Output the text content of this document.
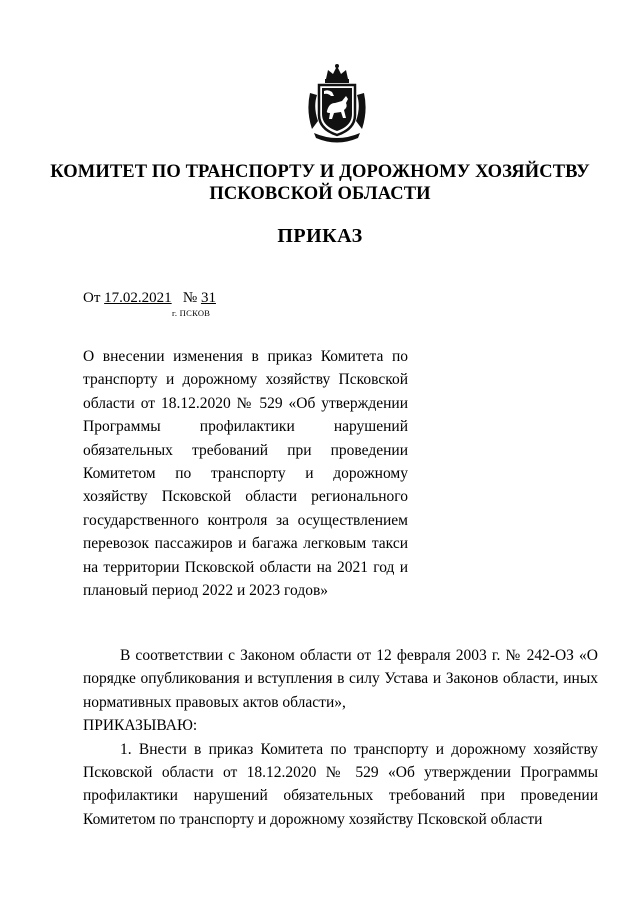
КОМИТЕТ ПО ТРАНСПОРТУ И ДОРОЖНОМУ ХОЗЯЙСТВУ
ПСКОВСКОЙ ОБЛАСТИ
ПРИКАЗ
От 17.02.2021 № 31
г. ПСКОВ
О внесении изменения в приказ Комитета по транспорту и дорожному хозяйству Псковской области от 18.12.2020 № 529 «Об утверждении Программы профилактики нарушений обязательных требований при проведении Комитетом по транспорту и дорожному хозяйству Псковской области регионального государственного контроля за осуществлением перевозок пассажиров и багажа легковым такси на территории Псковской области на 2021 год и плановый период 2022 и 2023 годов»

В соответствии с Законом области от 12 февраля 2003 г. № 242-ОЗ «О порядке опубликования и вступления в силу Устава и Законов области, иных нормативных правовых актов области»,

ПРИКАЗЫВАЮ:

1. Внести в приказ Комитета по транспорту и дорожному хозяйству Псковской области от 18.12.2020 № 529 «Об утверждении Программы профилактики нарушений обязательных требований при проведении Комитетом по транспорту и дорожному хозяйству Псковской области
